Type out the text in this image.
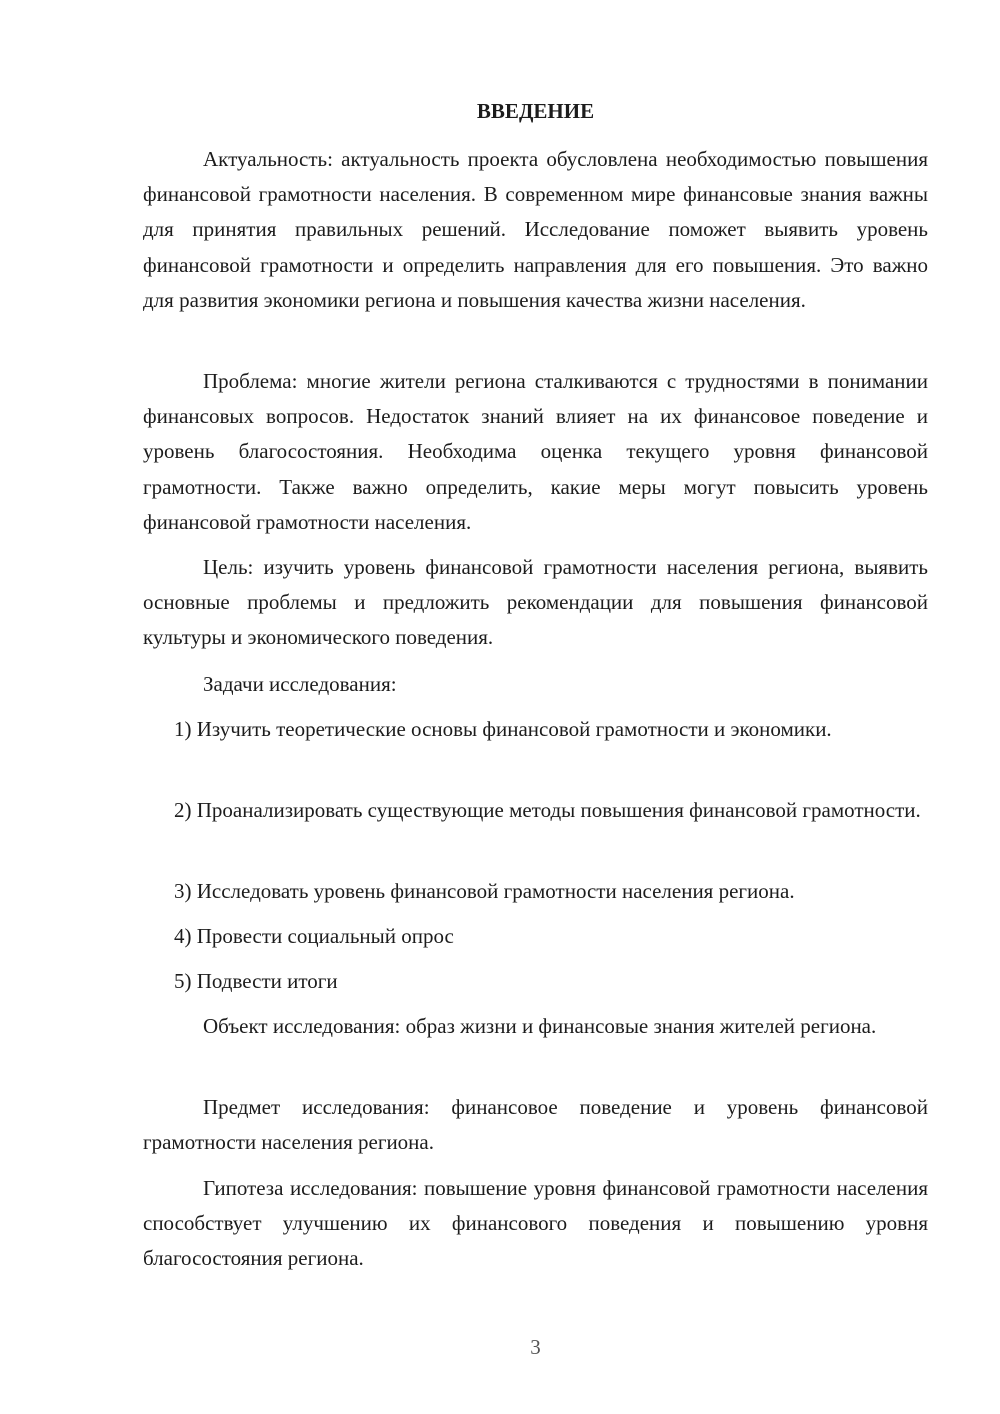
ВВЕДЕНИЕ

Актуальность: актуальность проекта обусловлена необходимостью повышения финансовой грамотности населения. В современном мире финансовые знания важны для принятия правильных решений. Исследование поможет выявить уровень финансовой грамотности и определить направления для его повышения. Это важно для развития экономики региона и повышения качества жизни населения.

Проблема: многие жители региона сталкиваются с трудностями в понимании финансовых вопросов. Недостаток знаний влияет на их финансовое поведение и уровень благосостояния. Необходима оценка текущего уровня финансовой грамотности. Также важно определить, какие меры могут повысить уровень финансовой грамотности населения.

Цель: изучить уровень финансовой грамотности населения региона, выявить основные проблемы и предложить рекомендации для повышения финансовой культуры и экономического поведения.

Задачи исследования:

1) Изучить теоретические основы финансовой грамотности и экономики.

2) Проанализировать существующие методы повышения финансовой грамотности.

3) Исследовать уровень финансовой грамотности населения региона.

4) Провести социальный опрос

5) Подвести итоги

Объект исследования: образ жизни и финансовые знания жителей региона.

Предмет исследования: финансовое поведение и уровень финансовой грамотности населения региона.

Гипотеза исследования: повышение уровня финансовой грамотности населения способствует улучшению их финансового поведения и повышению уровня благосостояния региона.

3
